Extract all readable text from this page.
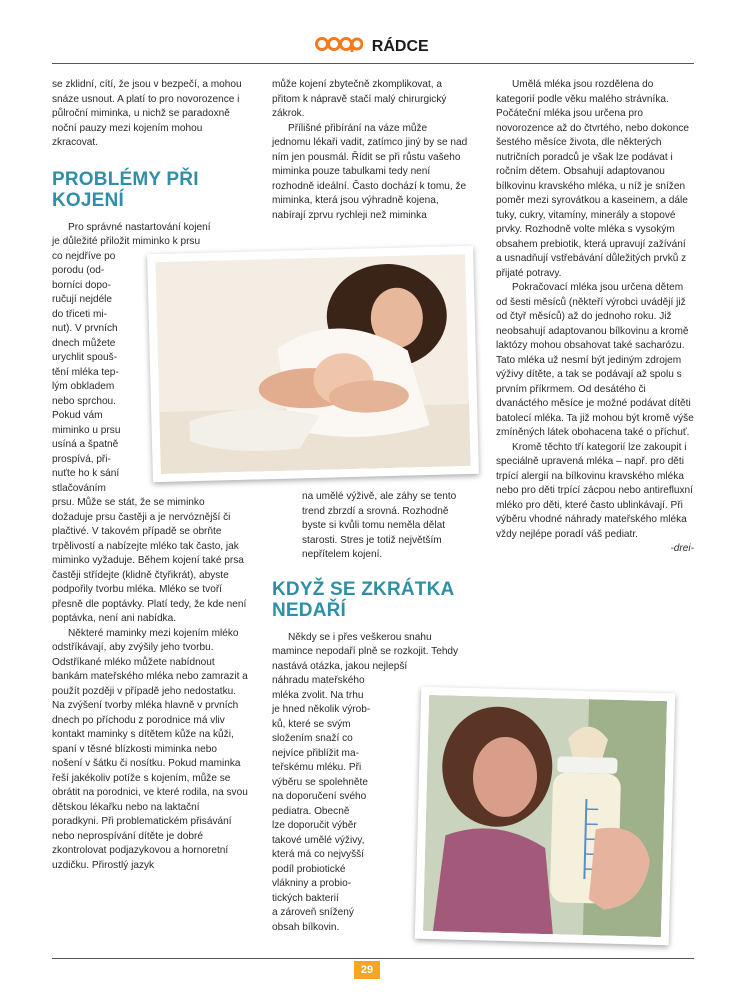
RÁDCE

se zklidní, cítí, že jsou v bezpečí, a mohou snáze usnout. A platí to pro novorozence i půlroční miminka, u nichž se paradoxně noční pauzy mezi kojením mohou zkracovat.

PROBLÉMY PŘI KOJENÍ
Pro správné nastartování kojení
je důležité přiložit miminko k prsu
co nejdříve po
porodu (od-
borníci dopo-
ručují nejdéle
do třiceti mi-
nut). V prvních
dnech můžete
urychlit spouš-
tění mléka tep-
lým obkladem
nebo sprchou.
Pokud vám
miminko u prsu
usíná a špatně
prospívá, při-
nuťte ho k sání
stlačováním

prsu. Může se stát, že se miminko dožaduje prsu častěji a je nervóznější či plačtivé. V takovém případě se obrňte trpělivostí a nabízejte mléko tak často, jak miminko vyžaduje. Během kojení také prsa častěji střídejte (klidně čtyřikrát), abyste podpořily tvorbu mléka. Mléko se tvoří přesně dle poptávky. Platí tedy, že kde není poptávka, není ani nabídka.

Některé maminky mezi kojením mléko odstříkávají, aby zvýšily jeho tvorbu. Odstříkané mléko můžete nabídnout bankám mateřského mléka nebo zamrazit a použít později v případě jeho nedostatku. Na zvýšení tvorby mléka hlavně v prvních dnech po příchodu z porodnice má vliv kontakt maminky s dítětem kůže na kůži, spaní v těsné blízkosti miminka nebo nošení v šátku či nosítku. Pokud maminka řeší jakékoliv potíže s kojením, může se obrátit na porodnici, ve které rodila, na svou dětskou lékařku nebo na laktační poradkyni. Při problematickém přisávání nebo neprospívání dítěte je dobré zkontrolovat podjazykovou a hornoretní uzdičku. Přirostlý jazyk

může kojení zbytečně zkomplikovat, a přitom k nápravě stačí malý chirurgický zákrok.

Přílišné přibírání na váze může jednomu lékaři vadit, zatímco jiný by se nad ním jen pousmál. Řídit se při růstu vašeho miminka pouze tabulkami tedy není rozhodně ideální. Často dochází k tomu, že miminka, která jsou výhradně kojena, nabírají zprvu rychleji než miminka

na umělé výživě, ale záhy se tento trend zbrzdí a srovná. Rozhodně byste si kvůli tomu neměla dělat starosti. Stres je totiž největším nepřítelem kojení.

KDYŽ SE ZKRÁTKA NEDAŘÍ

Někdy se i přes veškerou snahu mamince nepodaří plně se rozkojit. Tehdy nastává otázka, jakou nejlepší

náhradu mateřského
mléka zvolit. Na trhu
je hned několik výrob-
ků, které se svým
složením snaží co
nejvíce přiblížit ma-
teřskému mléku. Při
výběru se spolehněte
na doporučení svého
pediatra. Obecně
lze doporučit výběr
takové umělé výživy,
která má co nejvyšší
podíl probiotické
vlákniny a probio-
tických bakterií
a zároveň snížený
obsah bílkovin.

Umělá mléka jsou rozdělena do kategorií podle věku malého strávníka. Počáteční mléka jsou určena pro novorozence až do čtvrtého, nebo dokonce šestého měsíce života, dle některých nutričních poradců je však lze podávat i ročním dětem. Obsahují adaptovanou bílkovinu kravského mléka, u níž je snížen poměr mezi syrovátkou a kaseinem, a dále tuky, cukry, vitamíny, minerály a stopové prvky. Rozhodně volte mléka s vysokým obsahem prebiotik, která upravují zažívání a usnadňují vstřebávání důležitých prvků z přijaté potravy.

Pokračovací mléka jsou určena dětem od šesti měsíců (někteří výrobci uvádějí již od čtyř měsíců) až do jednoho roku. Již neobsahují adaptovanou bílkovinu a kromě laktózy mohou obsahovat také sacharózu. Tato mléka už nesmí být jediným zdrojem výživy dítěte, a tak se podávají až spolu s prvním příkrmem. Od desátého či dvanáctého měsíce je možné podávat dítěti batolecí mléka. Ta již mohou být kromě výše zmíněných látek obohacena také o příchuť.

Kromě těchto tří kategorií lze zakoupit i speciálně upravená mléka – např. pro děti trpící alergií na bílkovinu kravského mléka nebo pro děti trpící zácpou nebo antirefluxní mléko pro děti, které často ublinkávají. Při výběru vhodné náhrady mateřského mléka vždy nejlépe poradí váš pediatr.

-drei-

29
